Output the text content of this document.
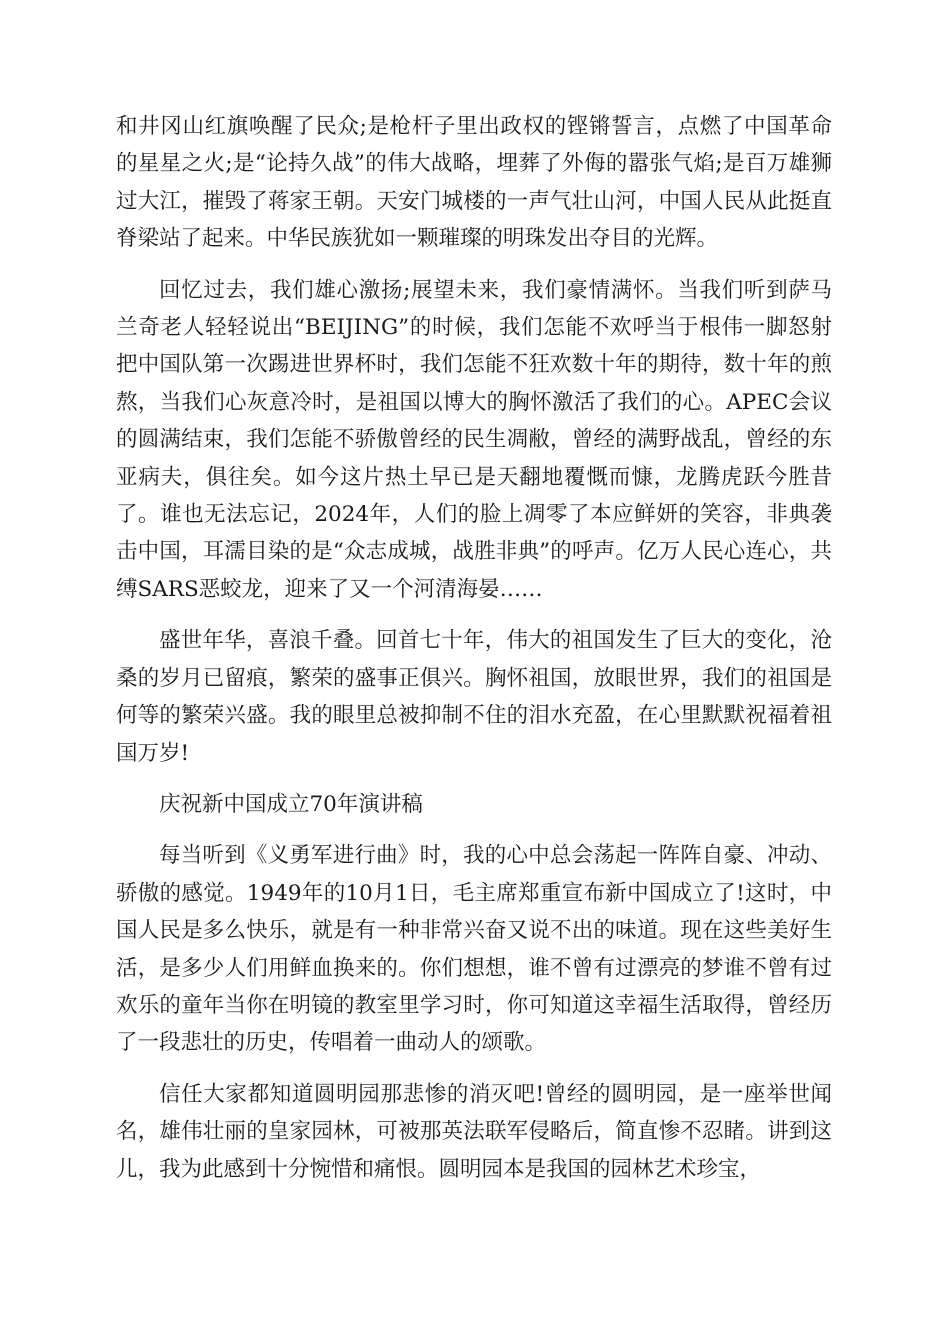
和井冈山红旗唤醒了民众;是枪杆子里出政权的铿锵誓言，点燃了中国革命的星星之火;是“论持久战”的伟大战略，埋葬了外侮的嚣张气焰;是百万雄狮过大江，摧毁了蒋家王朝。天安门城楼的一声气壮山河，中国人民从此挺直脊梁站了起来。中华民族犹如一颗璀璨的明珠发出夺目的光辉。

回忆过去，我们雄心激扬;展望未来，我们豪情满怀。当我们听到萨马兰奇老人轻轻说出“BEIJING”的时候，我们怎能不欢呼当于根伟一脚怒射把中国队第一次踢进世界杯时，我们怎能不狂欢数十年的期待，数十年的煎熬，当我们心灰意冷时，是祖国以博大的胸怀激活了我们的心。APEC会议的圆满结束，我们怎能不骄傲曾经的民生凋敝，曾经的满野战乱，曾经的东亚病夫，俱往矣。如今这片热土早已是天翻地覆慨而慷，龙腾虎跃今胜昔了。谁也无法忘记，2024年，人们的脸上凋零了本应鲜妍的笑容，非典袭击中国，耳濡目染的是“众志成城，战胜非典”的呼声。亿万人民心连心，共缚SARS恶蛟龙，迎来了又一个河清海晏……

盛世年华，喜浪千叠。回首七十年，伟大的祖国发生了巨大的变化，沧桑的岁月已留痕，繁荣的盛事正俱兴。胸怀祖国，放眼世界，我们的祖国是何等的繁荣兴盛。我的眼里总被抑制不住的泪水充盈，在心里默默祝福着祖国万岁!

庆祝新中国成立70年演讲稿

每当听到《义勇军进行曲》时，我的心中总会荡起一阵阵自豪、冲动、骄傲的感觉。1949年的10月1日，毛主席郑重宣布新中国成立了!这时，中国人民是多么快乐，就是有一种非常兴奋又说不出的味道。现在这些美好生活，是多少人们用鲜血换来的。你们想想，谁不曾有过漂亮的梦谁不曾有过欢乐的童年当你在明镜的教室里学习时，你可知道这幸福生活取得，曾经历了一段悲壮的历史，传唱着一曲动人的颂歌。

信任大家都知道圆明园那悲惨的消灭吧!曾经的圆明园，是一座举世闻名，雄伟壮丽的皇家园林，可被那英法联军侵略后，简直惨不忍睹。讲到这儿，我为此感到十分惋惜和痛恨。圆明园本是我国的园林艺术珍宝，
